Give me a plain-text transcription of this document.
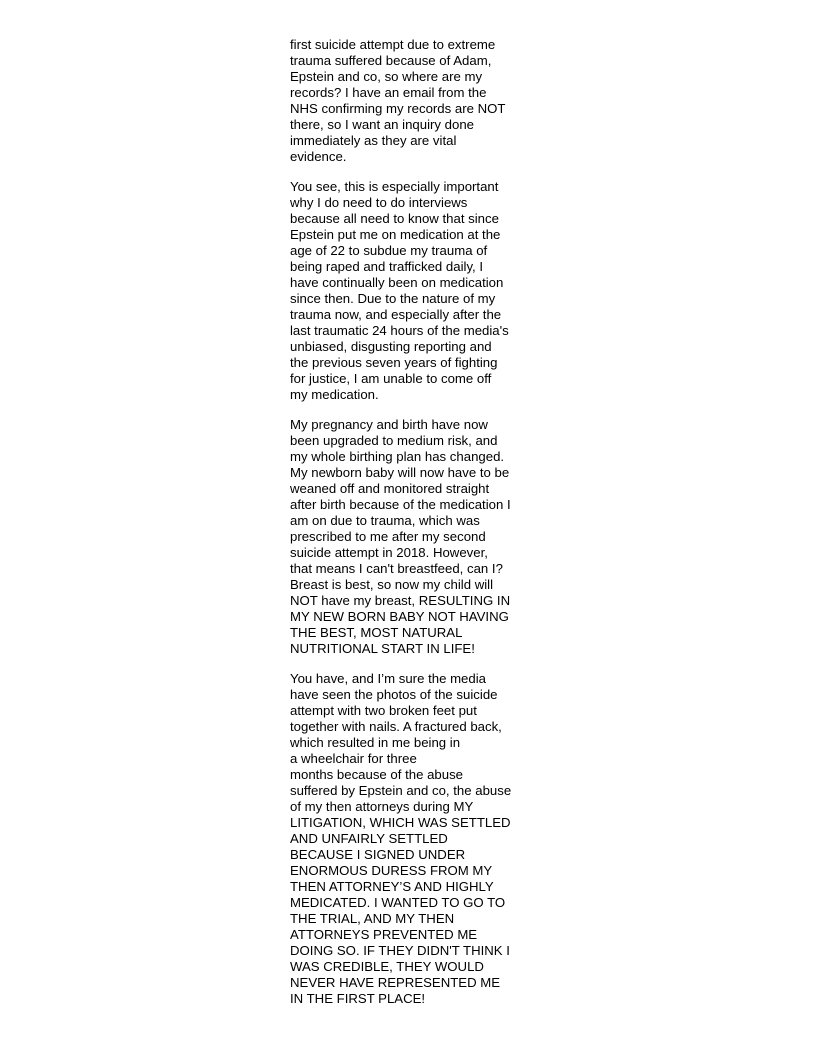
first suicide attempt due to extreme
trauma suffered because of Adam,
Epstein and co, so where are my
records? I have an email from the
NHS confirming my records are NOT
there, so I want an inquiry done
immediately as they are vital
evidence.

You see, this is especially important
why I do need to do interviews
because all need to know that since
Epstein put me on medication at the
age of 22 to subdue my trauma of
being raped and trafficked daily, I
have continually been on medication
since then. Due to the nature of my
trauma now, and especially after the
last traumatic 24 hours of the media's
unbiased, disgusting reporting and
the previous seven years of fighting
for justice, I am unable to come off
my medication.

My pregnancy and birth have now
been upgraded to medium risk, and
my whole birthing plan has changed.
My newborn baby will now have to be
weaned off and monitored straight
after birth because of the medication I
am on due to trauma, which was
prescribed to me after my second
suicide attempt in 2018. However,
that means I can't breastfeed, can I?
Breast is best, so now my child will
NOT have my breast, RESULTING IN
MY NEW BORN BABY NOT HAVING
THE BEST, MOST NATURAL
NUTRITIONAL START IN LIFE!

You have, and I’m sure the media
have seen the photos of the suicide
attempt with two broken feet put
together with nails. A fractured back,
which resulted in me being in
a wheelchair for three
months because of the abuse
suffered by Epstein and co, the abuse
of my then attorneys during MY
LITIGATION, WHICH WAS SETTLED
AND UNFAIRLY SETTLED
BECAUSE I SIGNED UNDER
ENORMOUS DURESS FROM MY
THEN ATTORNEY’S AND HIGHLY
MEDICATED. I WANTED TO GO TO
THE TRIAL, AND MY THEN
ATTORNEYS PREVENTED ME
DOING SO. IF THEY DIDN'T THINK I
WAS CREDIBLE, THEY WOULD
NEVER HAVE REPRESENTED ME
IN THE FIRST PLACE!
